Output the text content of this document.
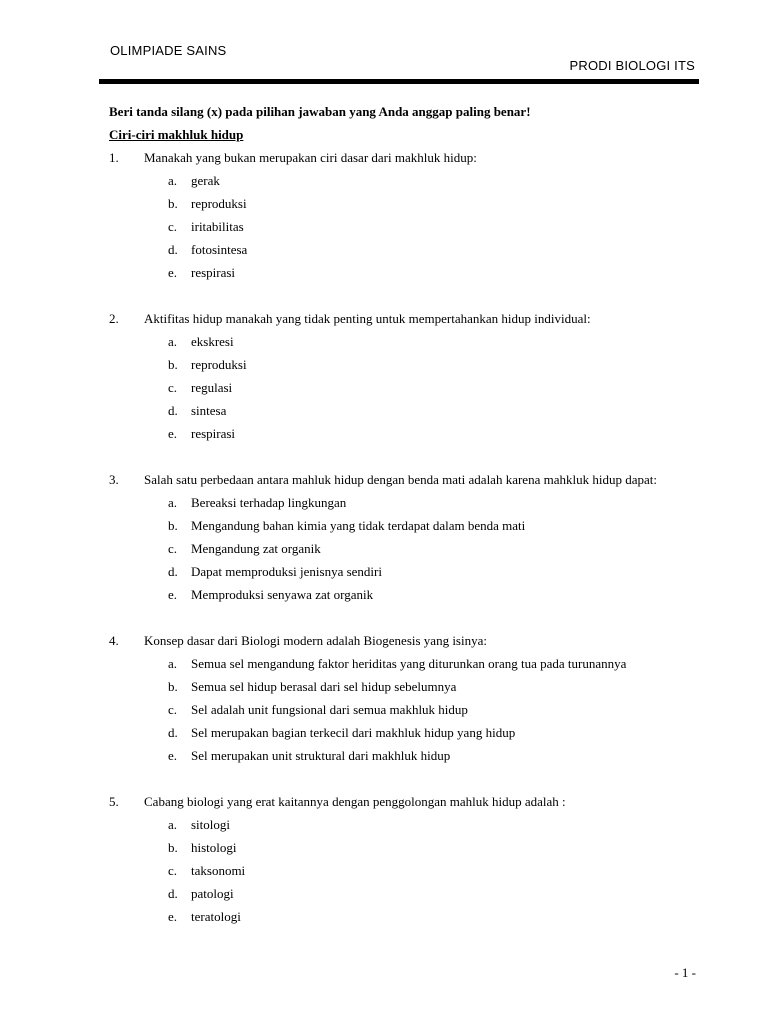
OLIMPIADE SAINS
PRODI BIOLOGI ITS
Beri tanda silang (x) pada pilihan jawaban yang Anda anggap paling benar!
Ciri-ciri makhluk hidup
1. Manakah yang bukan merupakan ciri dasar dari makhluk hidup:
a. gerak
b. reproduksi
c. iritabilitas
d. fotosintesa
e. respirasi
2. Aktifitas hidup manakah yang tidak penting untuk mempertahankan hidup individual:
a. ekskresi
b. reproduksi
c. regulasi
d. sintesa
e. respirasi
3. Salah satu perbedaan antara mahluk hidup dengan benda mati adalah karena mahkluk hidup dapat:
a. Bereaksi terhadap lingkungan
b. Mengandung bahan kimia yang tidak terdapat dalam benda mati
c. Mengandung zat organik
d. Dapat memproduksi jenisnya sendiri
e. Memproduksi senyawa zat organik
4. Konsep dasar dari Biologi modern adalah Biogenesis yang isinya:
a. Semua sel mengandung faktor heriditas yang diturunkan orang tua pada turunannya
b. Semua sel hidup berasal dari sel hidup sebelumnya
c. Sel adalah unit fungsional dari semua makhluk hidup
d. Sel merupakan bagian terkecil dari makhluk hidup yang hidup
e. Sel merupakan unit struktural dari makhluk hidup
5. Cabang biologi yang erat kaitannya dengan penggolongan mahluk hidup adalah :
a. sitologi
b. histologi
c. taksonomi
d. patologi
e. teratologi
- 1 -
